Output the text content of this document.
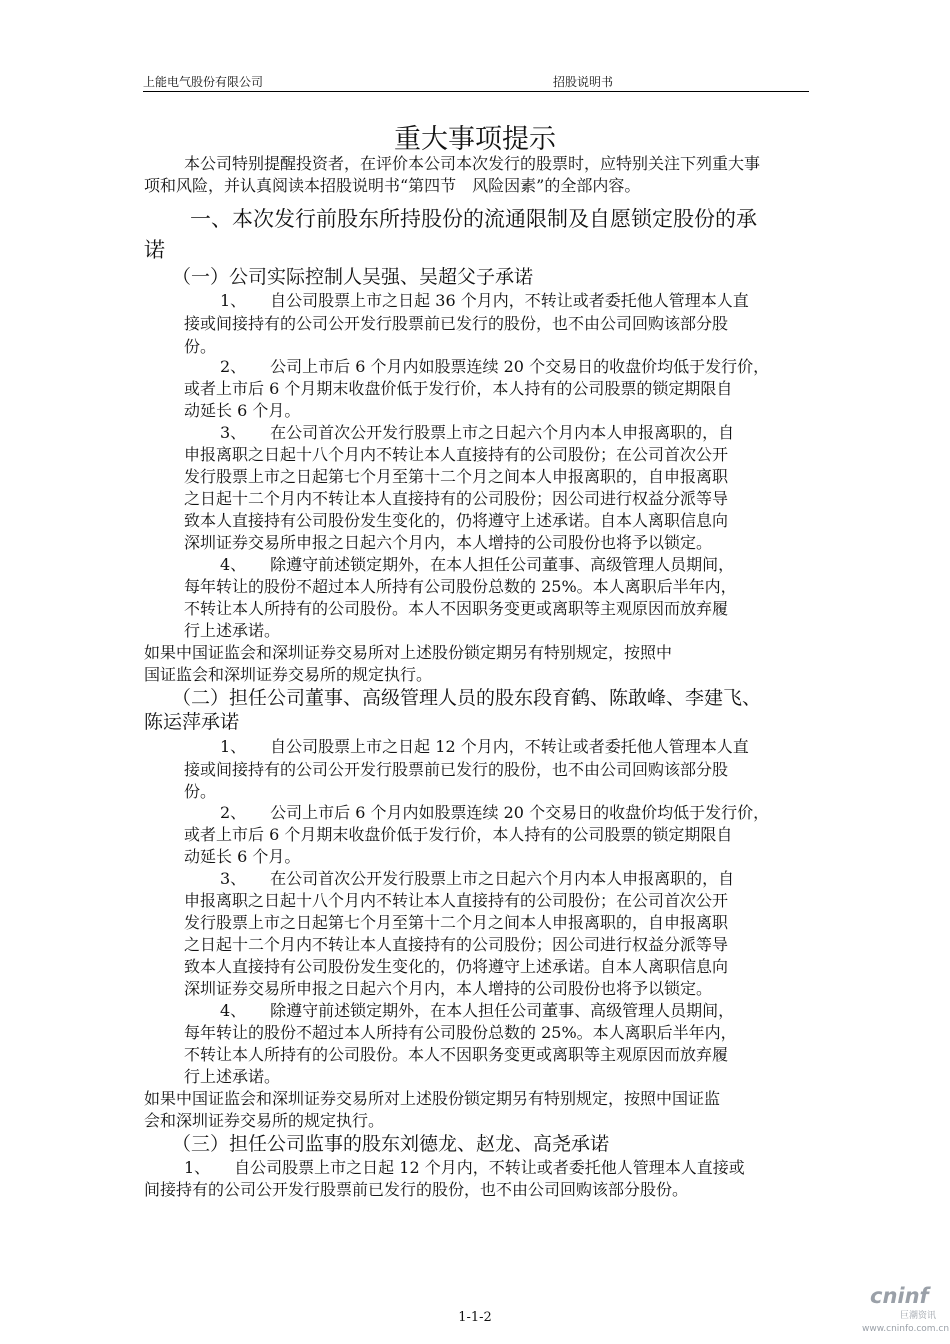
上能电气股份有限公司	招股说明书
重大事项提示
本公司特别提醒投资者，在评价本公司本次发行的股票时，应特别关注下列重大事
项和风险，并认真阅读本招股说明书“第四节　风险因素”的全部内容。
一、本次发行前股东所持股份的流通限制及自愿锁定股份的承
诺
（一）公司实际控制人吴强、吴超父子承诺
1、　　自公司股票上市之日起 36 个月内，不转让或者委托他人管理本人直
接或间接持有的公司公开发行股票前已发行的股份，也不由公司回购该部分股
份。
2、　　公司上市后 6 个月内如股票连续 20 个交易日的收盘价均低于发行价，
或者上市后 6 个月期末收盘价低于发行价，本人持有的公司股票的锁定期限自
动延长 6 个月。
3、　　在公司首次公开发行股票上市之日起六个月内本人申报离职的，自
申报离职之日起十八个月内不转让本人直接持有的公司股份；在公司首次公开
发行股票上市之日起第七个月至第十二个月之间本人申报离职的，自申报离职
之日起十二个月内不转让本人直接持有的公司股份；因公司进行权益分派等导
致本人直接持有公司股份发生变化的，仍将遵守上述承诺。自本人离职信息向
深圳证券交易所申报之日起六个月内，本人增持的公司股份也将予以锁定。
4、　　除遵守前述锁定期外，在本人担任公司董事、高级管理人员期间，
每年转让的股份不超过本人所持有公司股份总数的 25%。本人离职后半年内，
不转让本人所持有的公司股份。本人不因职务变更或离职等主观原因而放弃履
行上述承诺。
如果中国证监会和深圳证券交易所对上述股份锁定期另有特别规定，按照中
国证监会和深圳证券交易所的规定执行。
（二）担任公司董事、高级管理人员的股东段育鹤、陈敢峰、李建飞、
陈运萍承诺
1、　　自公司股票上市之日起 12 个月内，不转让或者委托他人管理本人直
接或间接持有的公司公开发行股票前已发行的股份，也不由公司回购该部分股
份。
2、　　公司上市后 6 个月内如股票连续 20 个交易日的收盘价均低于发行价，
或者上市后 6 个月期末收盘价低于发行价，本人持有的公司股票的锁定期限自
动延长 6 个月。
3、　　在公司首次公开发行股票上市之日起六个月内本人申报离职的，自
申报离职之日起十八个月内不转让本人直接持有的公司股份；在公司首次公开
发行股票上市之日起第七个月至第十二个月之间本人申报离职的，自申报离职
之日起十二个月内不转让本人直接持有的公司股份；因公司进行权益分派等导
致本人直接持有公司股份发生变化的，仍将遵守上述承诺。自本人离职信息向
深圳证券交易所申报之日起六个月内，本人增持的公司股份也将予以锁定。
4、　　除遵守前述锁定期外，在本人担任公司董事、高级管理人员期间，
每年转让的股份不超过本人所持有公司股份总数的 25%。本人离职后半年内，
不转让本人所持有的公司股份。本人不因职务变更或离职等主观原因而放弃履
行上述承诺。
如果中国证监会和深圳证券交易所对上述股份锁定期另有特别规定，按照中国证监
会和深圳证券交易所的规定执行。
（三）担任公司监事的股东刘德龙、赵龙、高尧承诺
1、　　自公司股票上市之日起 12 个月内，不转让或者委托他人管理本人直接或
间接持有的公司公开发行股票前已发行的股份，也不由公司回购该部分股份。
cninf
巨潮资讯
www.cninfo.com.cn
1-1-2
